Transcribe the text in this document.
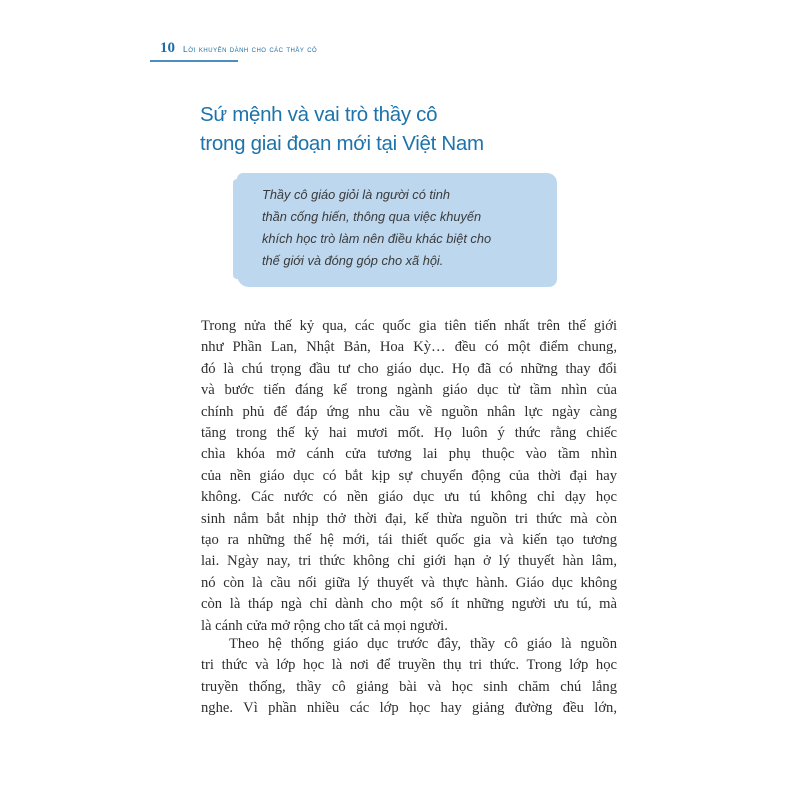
10 Lời khuyên dành cho các thầy cô
Sứ mệnh và vai trò thầy cô
trong giai đoạn mới tại Việt Nam
Thầy cô giáo giỏi là người có tinh
thần cống hiến, thông qua việc khuyến
khích học trò làm nên điều khác biệt cho
thế giới và đóng góp cho xã hội.
Trong nửa thế kỷ qua, các quốc gia tiên tiến nhất trên thế giới
như Phần Lan, Nhật Bản, Hoa Kỳ… đều có một điểm chung,
đó là chú trọng đầu tư cho giáo dục. Họ đã có những thay đổi
và bước tiến đáng kể trong ngành giáo dục từ tầm nhìn của
chính phủ để đáp ứng nhu cầu về nguồn nhân lực ngày càng
tăng trong thế kỷ hai mươi mốt. Họ luôn ý thức rằng chiếc
chìa khóa mở cánh cửa tương lai phụ thuộc vào tầm nhìn
của nền giáo dục có bắt kịp sự chuyển động của thời đại hay
không. Các nước có nền giáo dục ưu tú không chỉ dạy học
sinh nắm bắt nhịp thở thời đại, kế thừa nguồn tri thức mà còn
tạo ra những thế hệ mới, tái thiết quốc gia và kiến tạo tương
lai. Ngày nay, tri thức không chỉ giới hạn ở lý thuyết hàn lâm,
nó còn là cầu nối giữa lý thuyết và thực hành. Giáo dục không
còn là tháp ngà chỉ dành cho một số ít những người ưu tú, mà
là cánh cửa mở rộng cho tất cả mọi người.
Theo hệ thống giáo dục trước đây, thầy cô giáo là nguồn
tri thức và lớp học là nơi để truyền thụ tri thức. Trong lớp học
truyền thống, thầy cô giảng bài và học sinh chăm chú lắng
nghe. Vì phần nhiều các lớp học hay giảng đường đều lớn,
